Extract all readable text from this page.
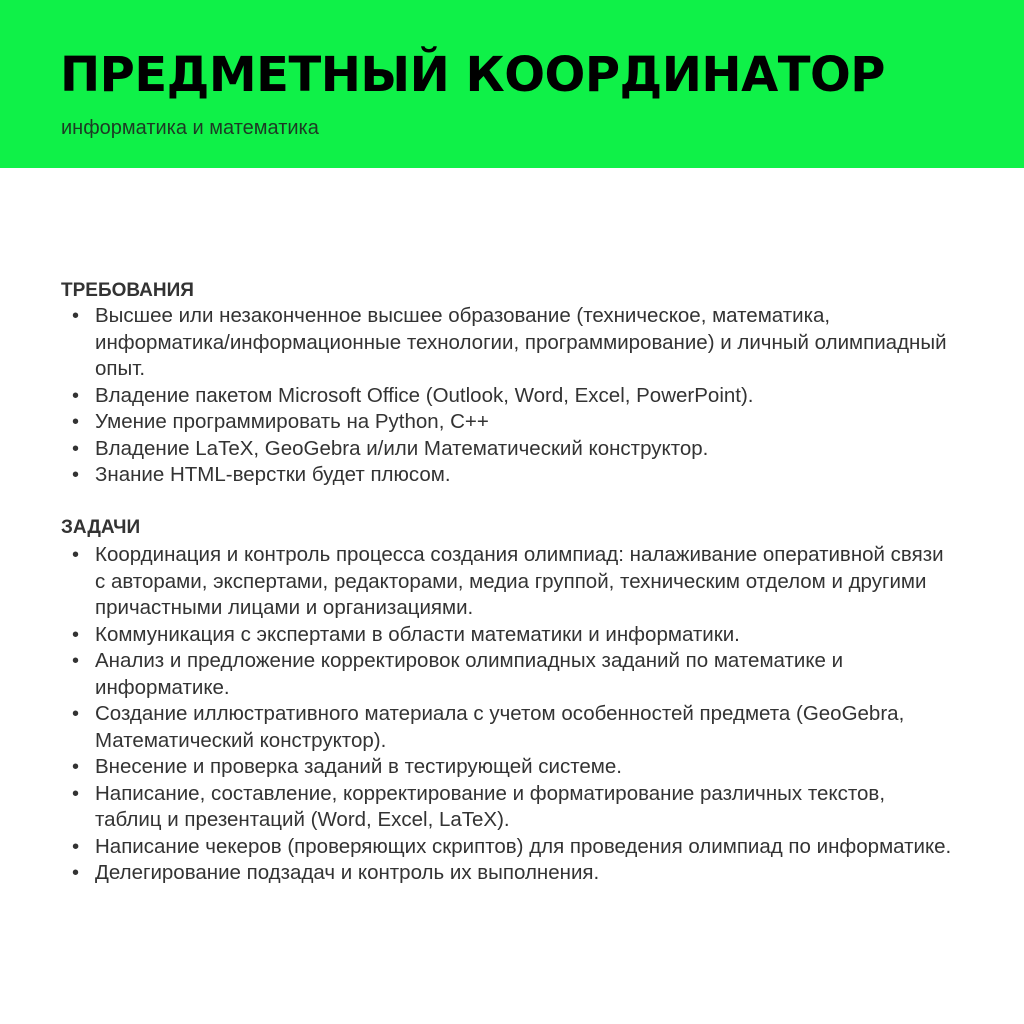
ПРЕДМЕТНЫЙ КООРДИНАТОР
информатика и математика
ТРЕБОВАНИЯ
• Высшее или незаконченное высшее образование (техническое, математика, информатика/информационные технологии, программирование) и личный олимпиадный опыт.
• Владение пакетом Microsoft Office (Outlook, Word, Excel, PowerPoint).
• Умение программировать на Python, C++
• Владение LaTeX, GeoGebra и/или Математический конструктор.
• Знание HTML-верстки будет плюсом.
ЗАДАЧИ
• Координация и контроль процесса создания олимпиад: налаживание оперативной связи с авторами, экспертами, редакторами, медиа группой, техническим отделом и другими причастными лицами и организациями.
• Коммуникация с экспертами в области математики и информатики.
• Анализ и предложение корректировок олимпиадных заданий по математике и информатике.
• Создание иллюстративного материала с учетом особенностей предмета (GeoGebra, Математический конструктор).
• Внесение и проверка заданий в тестирующей системе.
• Написание, составление, корректирование и форматирование различных текстов, таблиц и презентаций (Word, Excel, LaTeX).
• Написание чекеров (проверяющих скриптов) для проведения олимпиад по информатике.
• Делегирование подзадач и контроль их выполнения.
